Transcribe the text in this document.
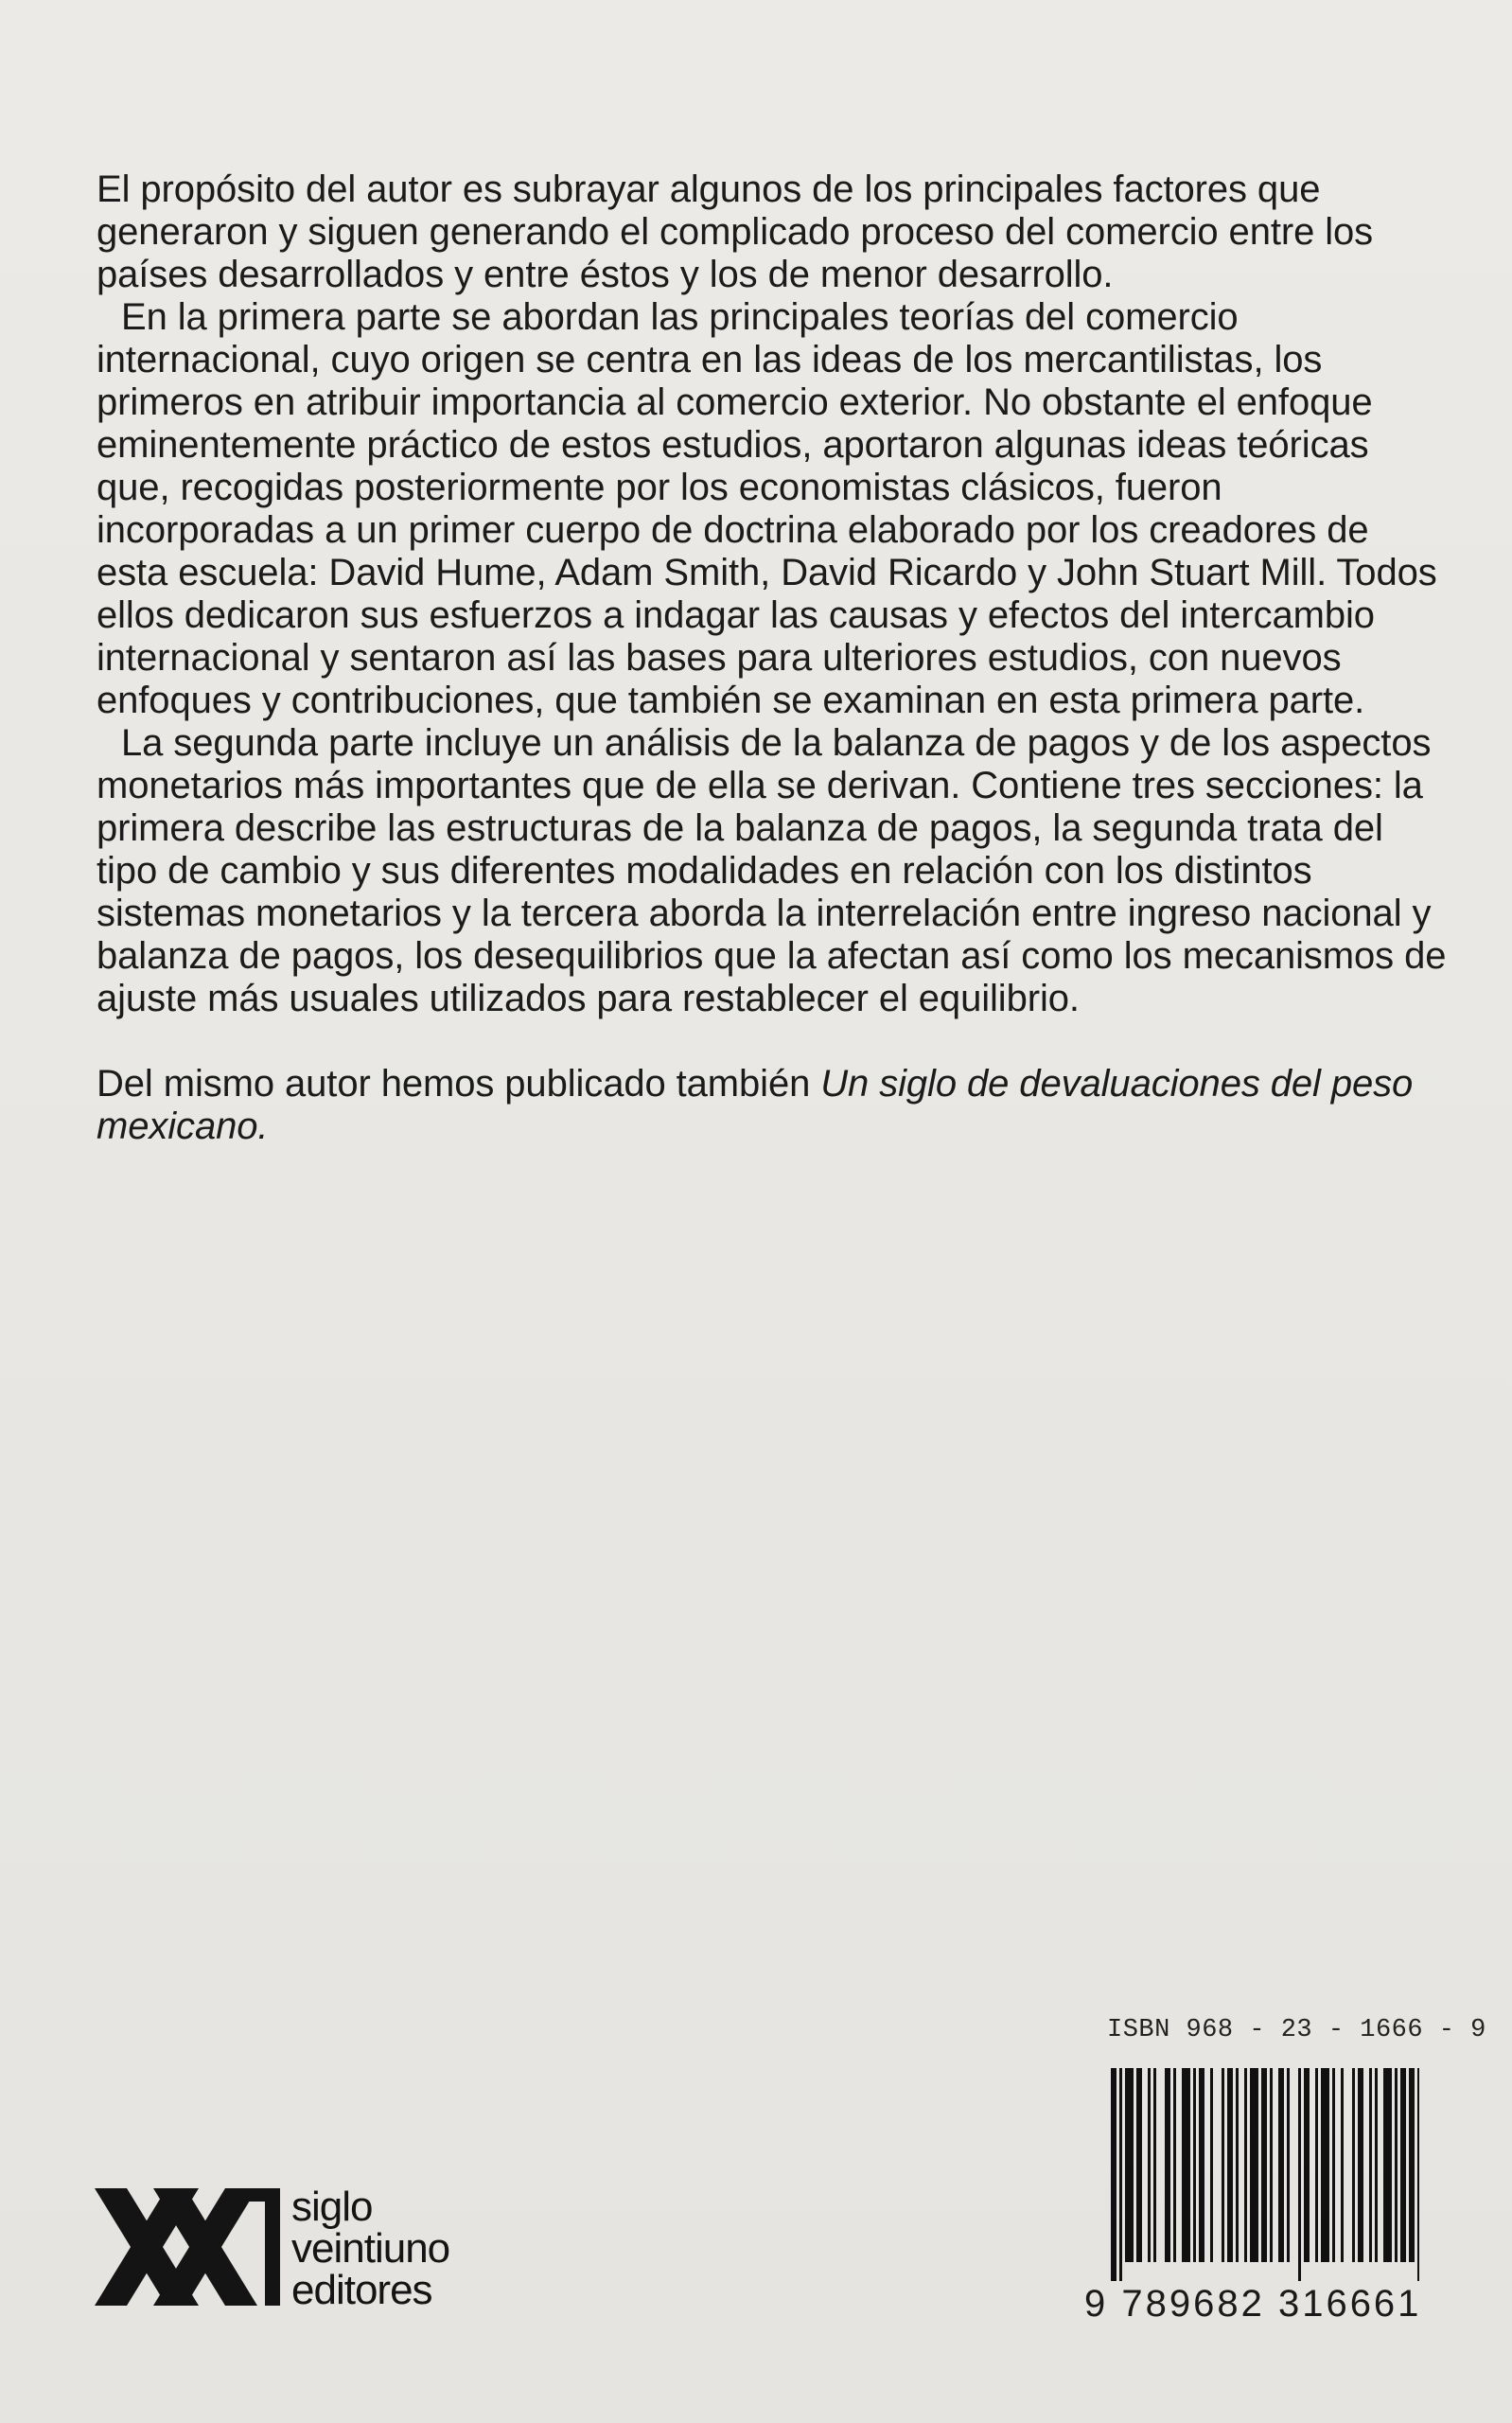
El propósito del autor es subrayar algunos de los principales factores que generaron y siguen generando el complicado proceso del comercio entre los países desarrollados y entre éstos y los de menor desarrollo.

En la primera parte se abordan las principales teorías del comercio internacional, cuyo origen se centra en las ideas de los mercantilistas, los primeros en atribuir importancia al comercio exterior. No obstante el enfoque eminentemente práctico de estos estudios, aportaron algunas ideas teóricas que, recogidas posteriormente por los economistas clásicos, fueron incorporadas a un primer cuerpo de doctrina elaborado por los creadores de esta escuela: David Hume, Adam Smith, David Ricardo y John Stuart Mill. Todos ellos dedicaron sus esfuerzos a indagar las causas y efectos del intercambio internacional y sentaron así las bases para ulteriores estudios, con nuevos enfoques y contribuciones, que también se examinan en esta primera parte.

La segunda parte incluye un análisis de la balanza de pagos y de los aspectos monetarios más importantes que de ella se derivan. Contiene tres secciones: la primera describe las estructuras de la balanza de pagos, la segunda trata del tipo de cambio y sus diferentes modalidades en relación con los distintos sistemas monetarios y la tercera aborda la interrelación entre ingreso nacional y balanza de pagos, los desequilibrios que la afectan así como los mecanismos de ajuste más usuales utilizados para restablecer el equilibrio.

Del mismo autor hemos publicado también Un siglo de devaluaciones del peso mexicano.

ISBN 968 - 23 - 1666 - 9
9 789682 316661
siglo
veintiuno
editores
